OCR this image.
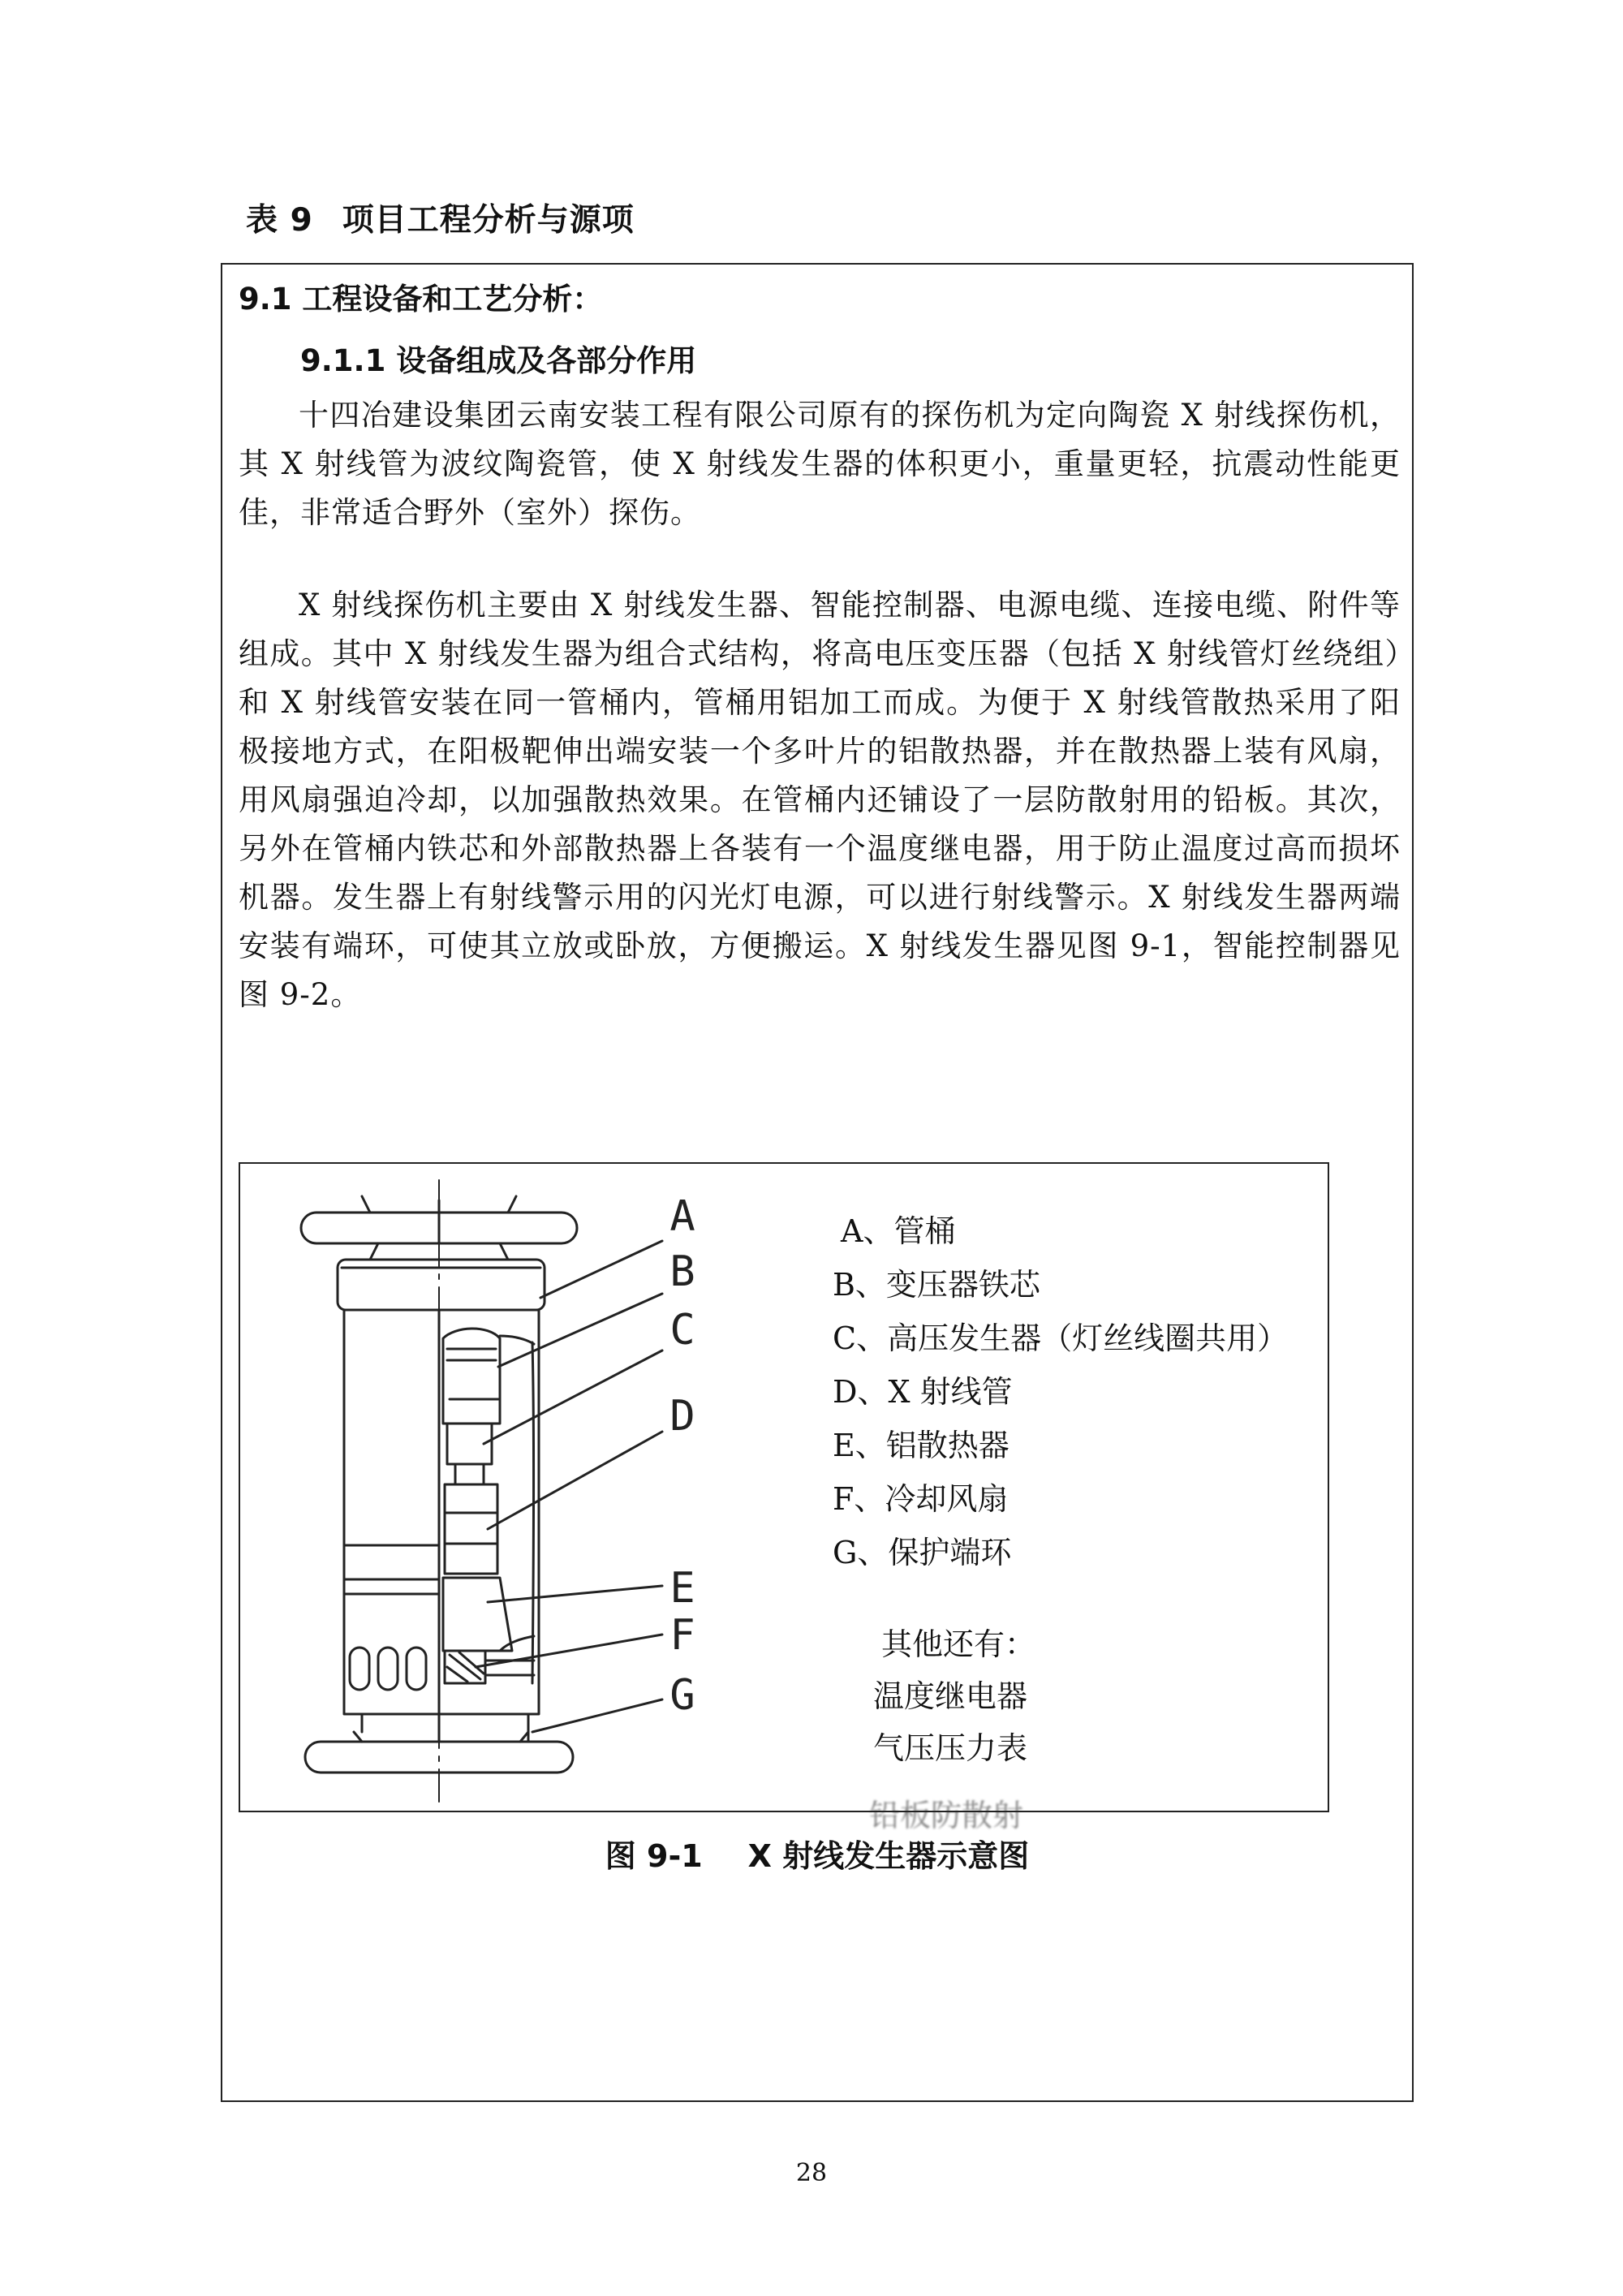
表 9 项目工程分析与源项
9.1 工程设备和工艺分析：
9.1.1 设备组成及各部分作用

十四冶建设集团云南安装工程有限公司原有的探伤机为定向陶瓷 X 射线探伤机，其 X 射线管为波纹陶瓷管，使 X 射线发生器的体积更小，重量更轻，抗震动性能更佳，非常适合野外（室外）探伤。

X 射线探伤机主要由 X 射线发生器、智能控制器、电源电缆、连接电缆、附件等组成。其中 X 射线发生器为组合式结构，将高电压变压器（包括 X 射线管灯丝绕组）和 X 射线管安装在同一管桶内，管桶用铝加工而成。为便于 X 射线管散热采用了阳极接地方式，在阳极靶伸出端安装一个多叶片的铝散热器，并在散热器上装有风扇，用风扇强迫冷却，以加强散热效果。在管桶内还铺设了一层防散射用的铅板。其次，另外在管桶内铁芯和外部散热器上各装有一个温度继电器，用于防止温度过高而损坏机器。发生器上有射线警示用的闪光灯电源，可以进行射线警示。X 射线发生器两端安装有端环，可使其立放或卧放，方便搬运。X 射线发生器见图 9-1，智能控制器见图 9-2。

A
B
C
D
E
F
G
A、管桶
B、变压器铁芯
C、高压发生器（灯丝线圈共用）
D、X 射线管
E、铝散热器
F、冷却风扇
G、保护端环
其他还有：
温度继电器
气压压力表
铅板防散射
图 9-1 X 射线发生器示意图
28
